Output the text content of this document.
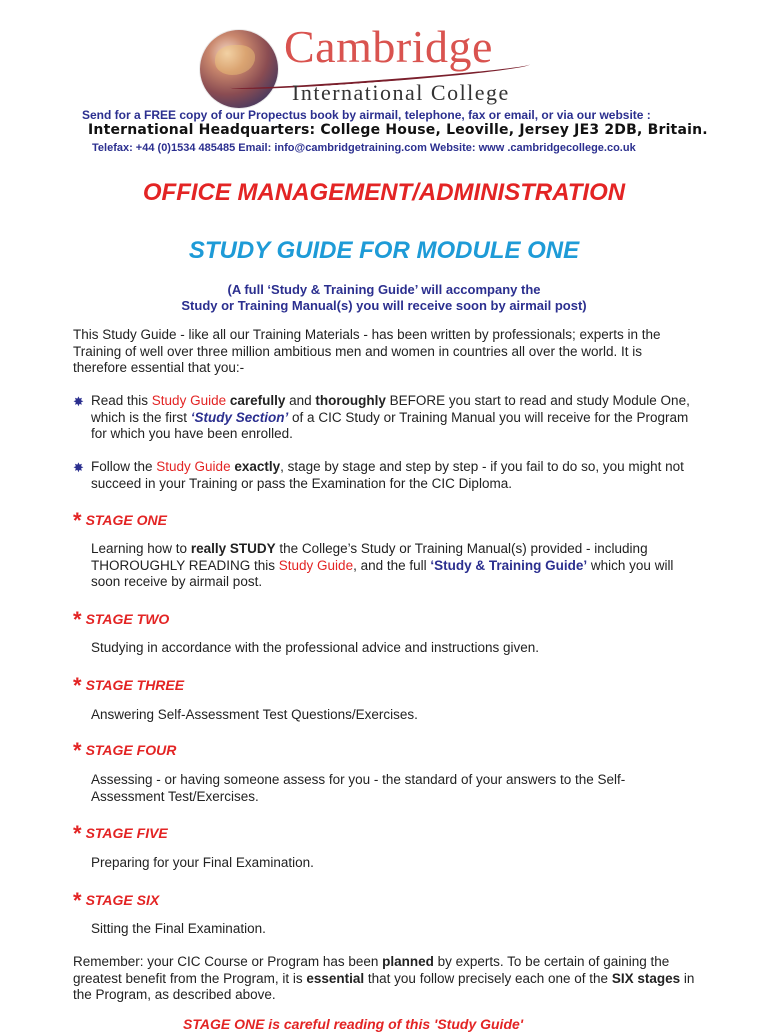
Cambridge
International College
Send for a FREE copy of our Propectus book by airmail, telephone, fax or email, or via our website :
International Headquarters: College House, Leoville, Jersey JE3 2DB, Britain.
Telefax: +44 (0)1534 485485 Email: info@cambridgetraining.com Website: www .cambridgecollege.co.uk
OFFICE MANAGEMENT/ADMINISTRATION
STUDY GUIDE FOR MODULE ONE
(A full ‘Study & Training Guide’ will accompany the
Study or Training Manual(s) you will receive soon by airmail post)
This Study Guide - like all our Training Materials - has been written by professionals; experts in the Training of well over three million ambitious men and women in countries all over the world. It is therefore essential that you:-
✸ Read this Study Guide carefully and thoroughly BEFORE you start to read and study Module One, which is the first ‘Study Section’ of a CIC Study or Training Manual you will receive for the Program for which you have been enrolled.
✸ Follow the Study Guide exactly, stage by stage and step by step - if you fail to do so, you might not succeed in your Training or pass the Examination for the CIC Diploma.
* STAGE ONE
Learning how to really STUDY the College’s Study or Training Manual(s) provided - including THOROUGHLY READING this Study Guide, and the full ‘Study & Training Guide’ which you will soon receive by airmail post.
* STAGE TWO
Studying in accordance with the professional advice and instructions given.
* STAGE THREE
Answering Self-Assessment Test Questions/Exercises.
* STAGE FOUR
Assessing - or having someone assess for you - the standard of your answers to the Self-Assessment Test/Exercises.
* STAGE FIVE
Preparing for your Final Examination.
* STAGE SIX
Sitting the Final Examination.
Remember: your CIC Course or Program has been planned by experts. To be certain of gaining the greatest benefit from the Program, it is essential that you follow precisely each one of the SIX stages in the Program, as described above.
STAGE ONE is careful reading of this 'Study Guide'
